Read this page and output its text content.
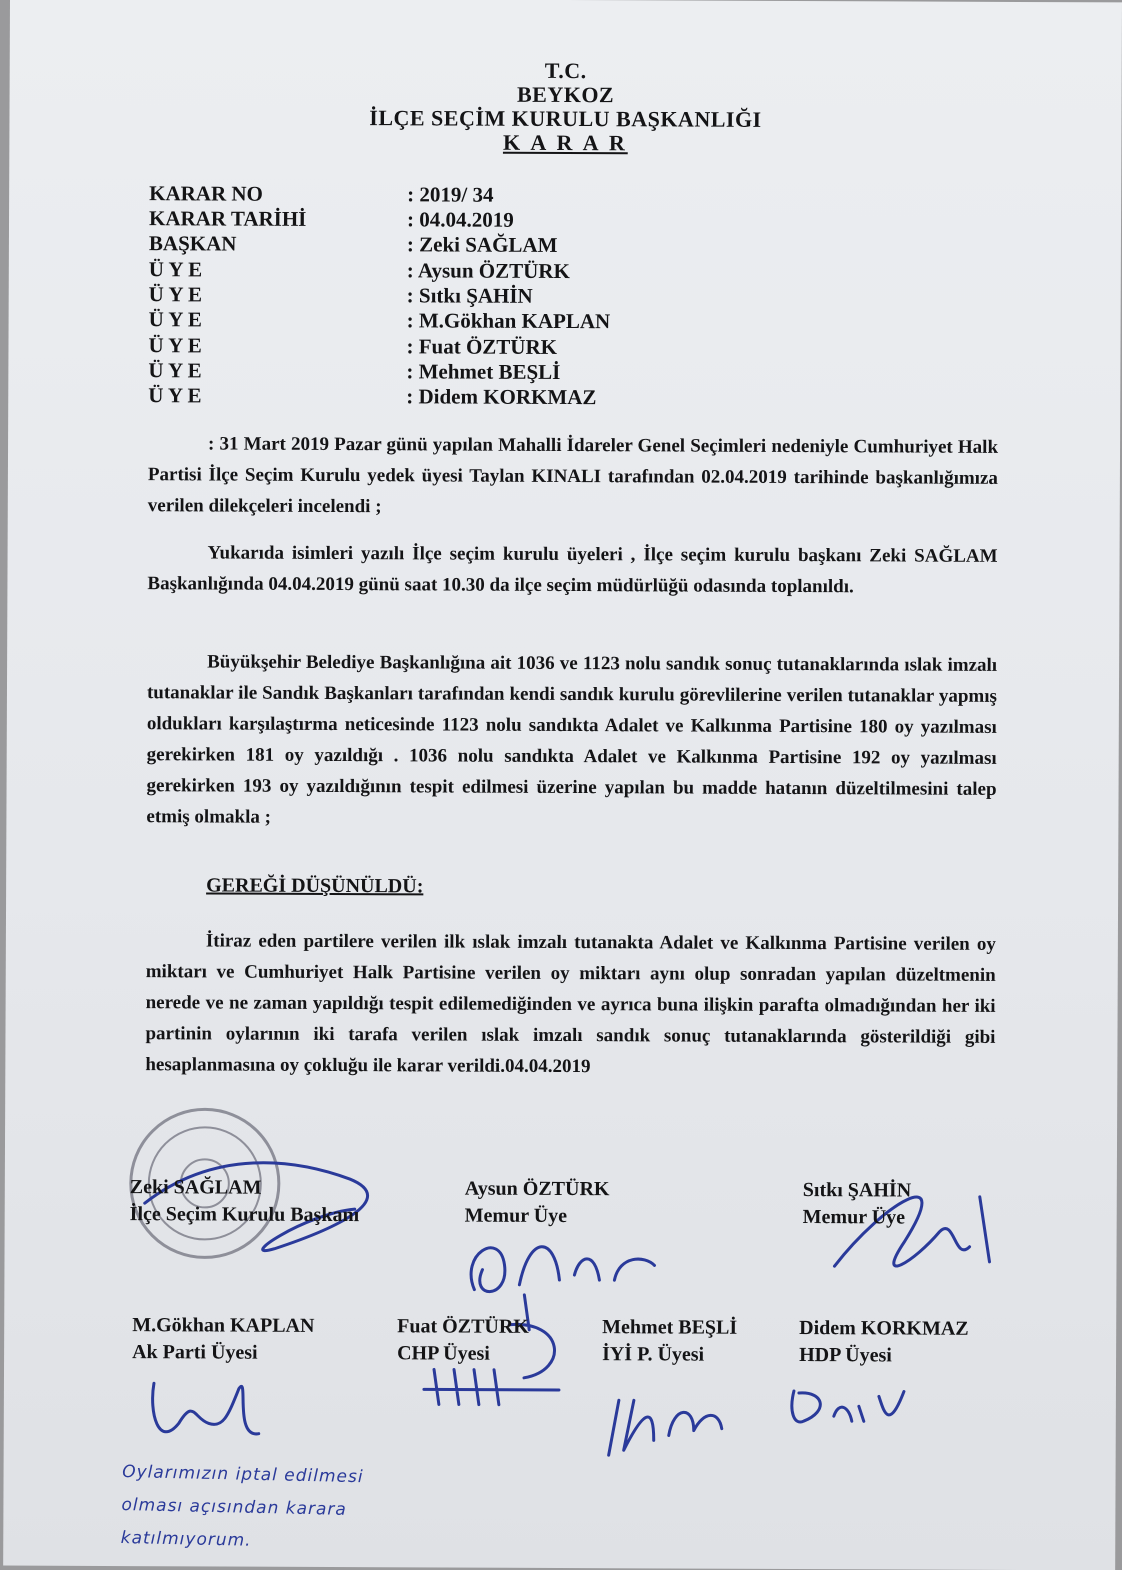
T.C.
BEYKOZ
İLÇE SEÇİM KURULU BAŞKANLIĞI
K A R A R
KARAR NO	: 2019/ 34
KARAR TARİHİ	: 04.04.2019
BAŞKAN	: Zeki SAĞLAM
Ü Y E	: Aysun ÖZTÜRK
Ü Y E	: Sıtkı ŞAHİN
Ü Y E	: M.Gökhan KAPLAN
Ü Y E	: Fuat ÖZTÜRK
Ü Y E	: Mehmet BEŞLİ
Ü Y E	: Didem KORKMAZ

: 31 Mart 2019 Pazar günü yapılan Mahalli İdareler Genel Seçimleri nedeniyle Cumhuriyet Halk Partisi İlçe Seçim Kurulu yedek üyesi Taylan KINALI tarafından 02.04.2019 tarihinde başkanlığımıza verilen dilekçeleri incelendi ;

Yukarıda isimleri yazılı İlçe seçim kurulu üyeleri , İlçe seçim kurulu başkanı Zeki SAĞLAM Başkanlığında 04.04.2019 günü saat 10.30 da ilçe seçim müdürlüğü odasında toplanıldı.

Büyükşehir Belediye Başkanlığına ait 1036 ve 1123 nolu sandık sonuç tutanaklarında ıslak imzalı tutanaklar ile Sandık Başkanları tarafından kendi sandık kurulu görevlilerine verilen tutanaklar yapmış oldukları karşılaştırma neticesinde 1123 nolu sandıkta Adalet ve Kalkınma Partisine 180 oy yazılması gerekirken 181 oy yazıldığı . 1036 nolu sandıkta Adalet ve Kalkınma Partisine 192 oy yazılması gerekirken 193 oy yazıldığının tespit edilmesi üzerine yapılan bu madde hatanın düzeltilmesini talep etmiş olmakla ;

GEREĞİ DÜŞÜNÜLDÜ:

İtiraz eden partilere verilen ilk ıslak imzalı tutanakta Adalet ve Kalkınma Partisine verilen oy miktarı ve Cumhuriyet Halk Partisine verilen oy miktarı aynı olup sonradan yapılan düzeltmenin nerede ve ne zaman yapıldığı tespit edilemediğinden ve ayrıca buna ilişkin parafta olmadığından her iki partinin oylarının iki tarafa verilen ıslak imzalı sandık sonuç tutanaklarında gösterildiği gibi hesaplanmasına oy çokluğu ile karar verildi.04.04.2019

Zeki SAĞLAM
İlçe Seçim Kurulu Başkanı
Aysun ÖZTÜRK
Memur Üye
Sıtkı ŞAHİN
Memur Üye
M.Gökhan KAPLAN
Ak Parti Üyesi
Fuat ÖZTÜRK
CHP Üyesi
Mehmet BEŞLİ
İYİ P. Üyesi
Didem KORKMAZ
HDP Üyesi
Oylarımızın iptal edilmesi
olması açısından karara
katılmıyorum.
